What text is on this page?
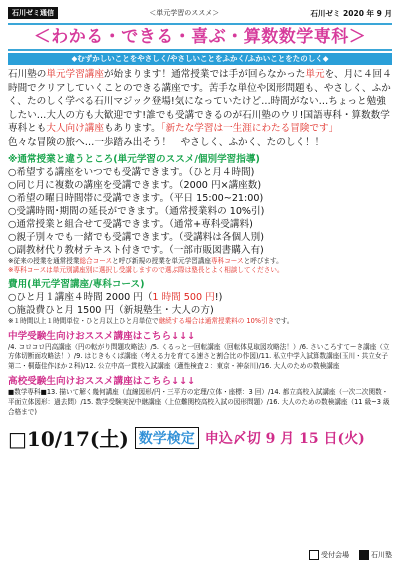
石川ゼミ通信	＜単元学習のススメ＞	石川ゼミ 2020 年 9 月
＜わかる・できる・喜ぶ・算数数学専科＞
◆むずかしいことをやさしく/やさしいことをふかく/ふかいことをたのしく◆
石川塾の単元学習講座が始まります！通常授業では手が回らなかった単元を、月に４回４時間でクリアしていくことのできる講座です。苦手な単位や図形問題も、やさしく、ふかく、たのしく学べる石川マジック登場!気になっていたけど…時間がない…ちょっと勉強したい…大人の方も大歓迎です!誰でも受講できるのが石川塾のウリ!国語専科・算数数学専科とも大人向け講座もあります。「新たな学習は一生涯にわたる冒険です」
色々な冒険の旅へ…一歩踏み出そう！　やさしく、ふかく、たのしく！！
※通常授業と違うところ(単元学習のススメ/個別学習指導)
○希望する講座をいつでも受講できます。（ひと月４時間)
○同じ月に複数の講座を受講できます。（2000 円×講座数)
○希望の曜日時間帯に受講できます。（平日 15:00~21:00)
○受講時間･期間の延長ができます。（通常授業料の 10%引)
○通常授業と組合せて受講できます。（通常+専科受講料)
○親子別々でも一緒でも受講できます。（受講料は各個人別)
○副教材代り教材テキスト付きです。（一部市販図書購入有)
※従来の授業を通常授業総合コースと呼び新規の授業を単元学習講座専科コースと呼びます。
※専科コースは単元別講座別に選択し受講しますので選ぶ際は塾長とよく相談してください。
費用(単元学習講座/専科コース)
○ひと月１講座４時間 2000 円（1 時間 500 円!)
○施設費ひと月 1500 円（新規塾生・大人の方)
※１時間以上１時間単位・ひと月以上ひと月単位で継続する場合は通常授業料の 10%引きです。
中学受験生向けおススメ講座はこちら↓↓↓
/4. コロコロ円高講座（円の転がり問題攻略法）/5. くるっと一回転講座（回転体見取図攻略法！）/6. さいころすてーき講座（立方体切断面攻略法！）/9. はじきもくば講座（考える力を育てる速さと割合比の作図)/11. 私立中学入試算数講座(玉川・共立女子第二・桐蔭佳作ほか２科)/12. 公立中高一貫校入試講座（適性検査２：東京・神奈川)/16. 大人のための数検講座
高校受験生向けおススメ講座はこちら↓↓↓
■数学専科■13. 描いて解く幾何講座（直線図形/円・三平方の定理/立体・座標：3 回）/14. 都立高校入試講座（一次二次関数・平面立体図形：過去問）/15. 数学受験実況中継講座（上位難関校高校入試の図形問題）/16. 大人のための数検講座（11 級~3 級合格まで)
□10/17(土) 数学検定 申込〆切 9 月 15 日(火)
受付会場	石川塾
